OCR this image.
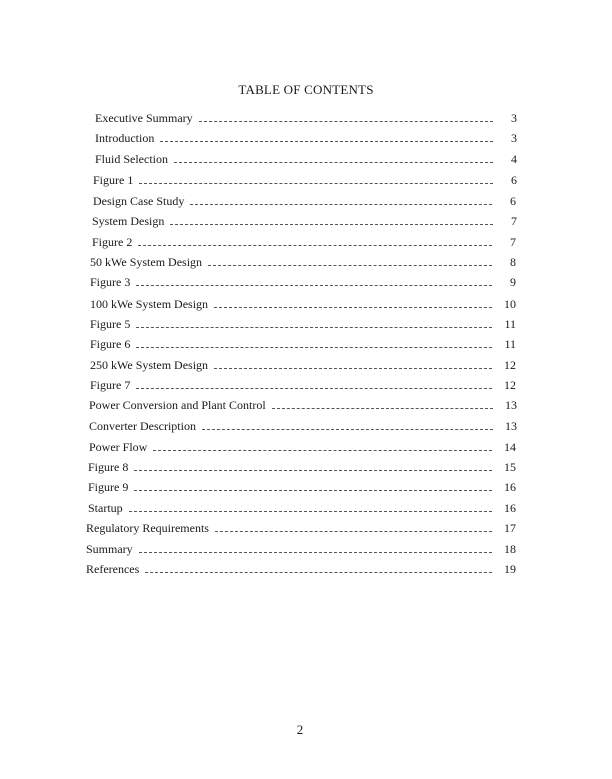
TABLE OF CONTENTS
Executive Summary	3
Introduction	3
Fluid Selection	4
Figure 1	6
Design Case Study	6
System Design	7
Figure 2	7
50 kWe System Design	8
Figure 3	9
100 kWe System Design	10
Figure 5	11
Figure 6	11
250 kWe System Design	12
Figure 7	12
Power Conversion and Plant Control	13
Converter Description	13
Power Flow	14
Figure 8	15
Figure 9	16
Startup	16
Regulatory Requirements	17
Summary	18
References	19
2
